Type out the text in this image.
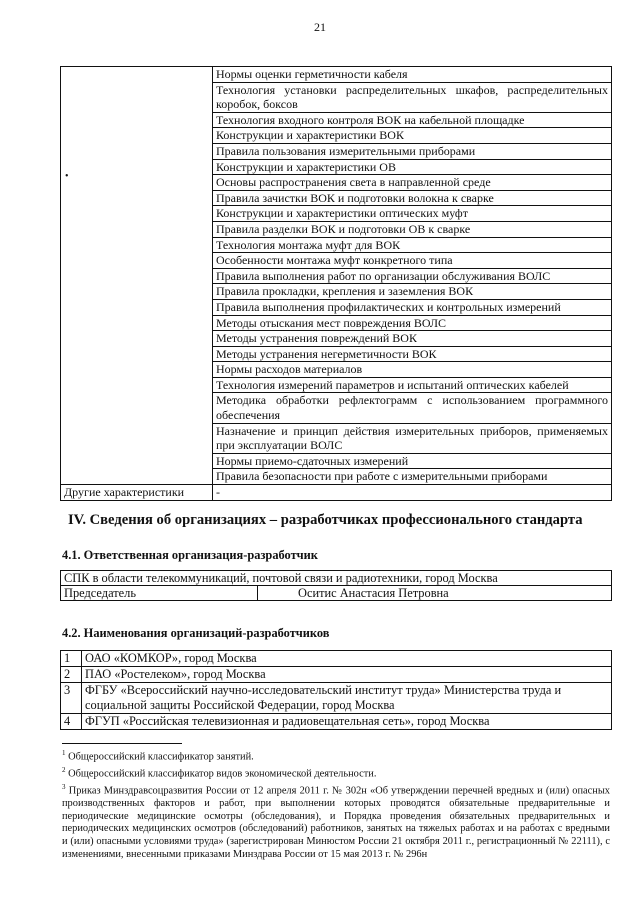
21
•	Нормы оценки герметичности кабеля
	Технология установки распределительных шкафов, распределительных коробок, боксов
	Технология входного контроля ВОК на кабельной площадке
	Конструкции и характеристики ВОК
	Правила пользования измерительными приборами
	Конструкции и характеристики ОВ
	Основы распространения света в направленной среде
	Правила зачистки ВОК и подготовки волокна к сварке
	Конструкции и характеристики оптических муфт
	Правила разделки ВОК и подготовки ОВ к сварке
	Технология монтажа муфт для ВОК
	Особенности монтажа муфт конкретного типа
	Правила выполнения работ по организации обслуживания ВОЛС
	Правила прокладки, крепления и заземления ВОК
	Правила выполнения профилактических и контрольных измерений
	Методы отыскания мест повреждения ВОЛС
	Методы устранения повреждений ВОК
	Методы устранения негерметичности ВОК
	Нормы расходов материалов
	Технология измерений параметров и испытаний оптических кабелей
	Методика обработки рефлектограмм с использованием программного обеспечения
	Назначение и принцип действия измерительных приборов, применяемых при эксплуатации ВОЛС
	Нормы приемо-сдаточных измерений
	Правила безопасности при работе с измерительными приборами
Другие характеристики	-
IV. Сведения об организациях – разработчиках профессионального стандарта
4.1. Ответственная организация-разработчик
СПК в области телекоммуникаций, почтовой связи и радиотехники, город Москва
Председатель	Оситис Анастасия Петровна
4.2. Наименования организаций-разработчиков
1	ОАО «КОМКОР», город Москва
2	ПАО «Ростелеком», город Москва
3	ФГБУ «Всероссийский научно-исследовательский институт труда» Министерства труда и социальной защиты Российской Федерации, город Москва
4	ФГУП «Российская телевизионная и радиовещательная сеть», город Москва

$^1$ Общероссийский классификатор занятий.

$^2$ Общероссийский классификатор видов экономической деятельности.

$^3$ Приказ Минздравсоцразвития России от 12 апреля 2011 г. № 302н «Об утверждении перечней вредных и (или) опасных производственных факторов и работ, при выполнении которых проводятся обязательные предварительные и периодические медицинские осмотры (обследования), и Порядка проведения обязательных предварительных и периодических медицинских осмотров (обследований) работников, занятых на тяжелых работах и на работах с вредными и (или) опасными условиями труда» (зарегистрирован Минюстом России 21 октября 2011 г., регистрационный № 22111), с изменениями, внесенными приказами Минздрава России от 15 мая 2013 г. № 296н
